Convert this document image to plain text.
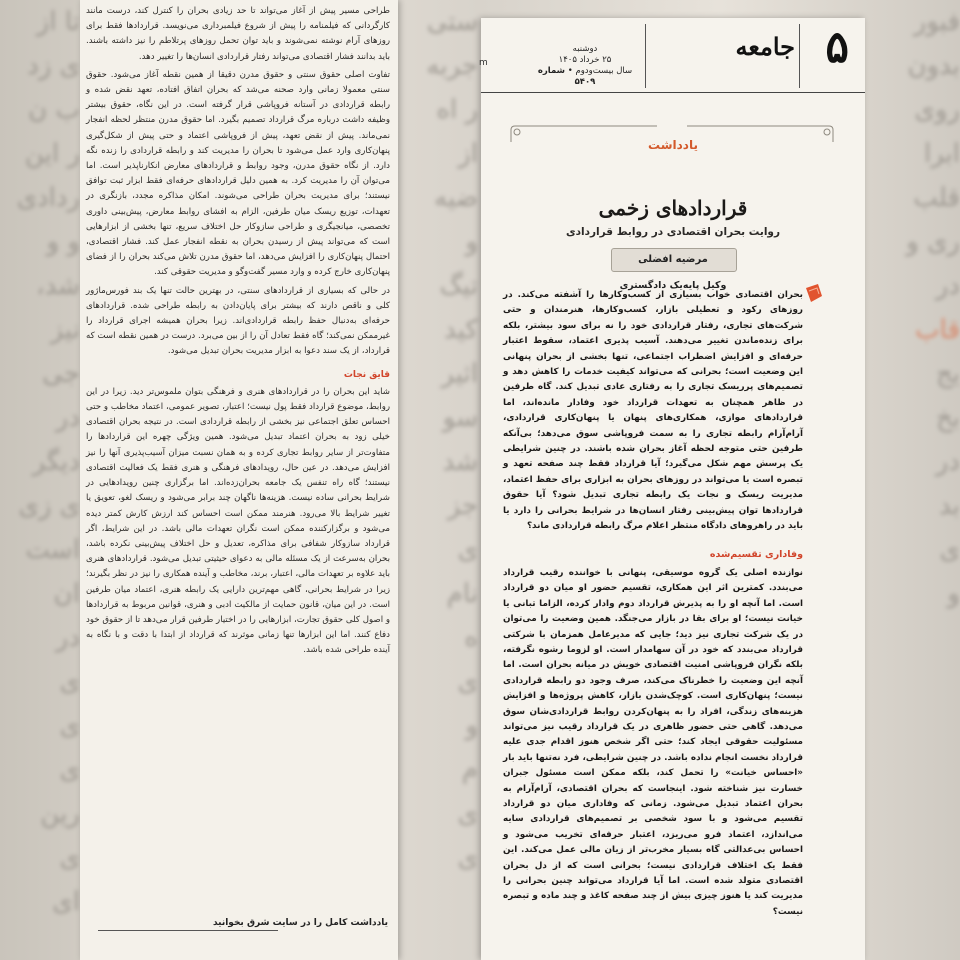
تا از
ی زد
ب ن
ر این
ردادی
و و
شد،
نیز
جی
در
دیگر
ی زی
است
ان
در
ی
ی
ی
رین
ی
ای
ستی
جربه
ر اه
از
ضیه
و
تیگ
کید
اثیر
سو
شد
جز
ی
نام
ه
ی
و
م
ی
ی
فبور
بدون
روی
ابرا
قلب
ری و
در
قاب
یج
بخ
در
بد
ی
و

طراحی مسیر پیش از آغاز می‌تواند تا حد زیادی بحران را کنترل کند، درست مانند کارگردانی که فیلمنامه را پیش از شروع فیلمبرداری می‌نویسد. قراردادها فقط برای روزهای آرام نوشته نمی‌شوند و باید توان تحمل روزهای پرتلاطم را نیز داشته باشند. باید بدانند فشار اقتصادی می‌تواند رفتار قراردادی انسان‌ها را تغییر دهد.

تفاوت اصلی حقوق سنتی و حقوق مدرن دقیقا از همین نقطه آغاز می‌شود. حقوق سنتی معمولا زمانی وارد صحنه می‌شد که بحران اتفاق افتاده، تعهد نقض شده و رابطه قراردادی در آستانه فروپاشی قرار گرفته است. در این نگاه، حقوق بیشتر وظیفه داشت درباره مرگ قرارداد تصمیم بگیرد. اما حقوق مدرن منتظر لحظه انفجار نمی‌ماند. پیش از نقض تعهد، پیش از فروپاشی اعتماد و حتی پیش از شکل‌گیری پنهان‌کاری وارد عمل می‌شود تا بحران را مدیریت کند و رابطه قراردادی را زنده نگه دارد. از نگاه حقوق مدرن، وجود روابط و قراردادهای معارض انکارناپذیر است. اما می‌توان آن را مدیریت کرد. به همین دلیل قراردادهای حرفه‌ای فقط ابزار ثبت توافق نیستند؛ برای مدیریت بحران طراحی می‌شوند. امکان مذاکره مجدد، بازنگری در تعهدات، توزیع ریسک میان طرفین، الزام به افشای روابط معارض، پیش‌بینی داوری تخصصی، میانجیگری و طراحی سازوکار حل اختلاف سریع، تنها بخشی از ابزارهایی است که می‌تواند پیش از رسیدن بحران به نقطه انفجار عمل کند. فشار اقتصادی، احتمال پنهان‌کاری را افزایش می‌دهد، اما حقوق مدرن تلاش می‌کند بحران را از فضای پنهان‌کاری خارج کرده و وارد مسیر گفت‌وگو و مدیریت حقوقی کند.

در حالی که بسیاری از قراردادهای سنتی، در بهترین حالت تنها یک بند فورس‌ماژور کلی و ناقص دارند که بیشتر برای پایان‌دادن به رابطه طراحی شده. قراردادهای حرفه‌ای به‌دنبال حفظ رابطه قراردادی‌اند. زیرا بحران همیشه اجرای قرارداد را غیرممکن نمی‌کند؛ گاه فقط تعادل آن را از بین می‌برد. درست در همین نقطه است که قرارداد، از یک سند دعوا به ابزار مدیریت بحران تبدیل می‌شود.

قایق نجات

شاید این بحران را در قراردادهای هنری و فرهنگی بتوان ملموس‌تر دید. زیرا در این روابط، موضوع قرارداد فقط پول نیست؛ اعتبار، تصویر عمومی، اعتماد مخاطب و حتی احساس تعلق اجتماعی نیز بخشی از رابطه قراردادی است. در نتیجه بحران اقتصادی خیلی زود به بحران اعتماد تبدیل می‌شود. همین ویژگی چهره این قراردادها را متفاوت‌تر از سایر روابط تجاری کرده و به همان نسبت میزان آسیب‌پذیری آنها را نیز افزایش می‌دهد. در عین حال، رویدادهای فرهنگی و هنری فقط یک فعالیت اقتصادی نیستند؛ گاه راه تنفس یک جامعه بحران‌زده‌اند. اما برگزاری چنین رویدادهایی در شرایط بحرانی ساده نیست. هزینه‌ها ناگهان چند برابر می‌شود و ریسک لغو، تعویق یا تغییر شرایط بالا می‌رود. هنرمند ممکن است احساس کند ارزش کارش کمتر دیده می‌شود و برگزارکننده ممکن است نگران تعهدات مالی باشد. در این شرایط، اگر قرارداد سازوکار شفافی برای مذاکره، تعدیل و حل اختلاف پیش‌بینی نکرده باشد، بحران به‌سرعت از یک مسئله مالی به دعوای حیثیتی تبدیل می‌شود. قراردادهای هنری باید علاوه بر تعهدات مالی، اعتبار، برند، مخاطب و آینده همکاری را نیز در نظر بگیرند؛ زیرا در شرایط بحرانی، گاهی مهم‌ترین دارایی یک رابطه هنری، اعتماد میان طرفین است. در این میان، قانون حمایت از مالکیت ادبی و هنری، قوانین مربوط به قراردادها و اصول کلی حقوق تجارت، ابزارهایی را در اختیار طرفین قرار می‌دهد تا از حقوق خود دفاع کنند. اما این ابزارها تنها زمانی موثرند که قرارداد از ابتدا با دقت و با نگاه به آینده طراحی شده باشد.

یادداشت کامل را در سایت شرق بخوانید
۵
جامعه
دوشنبه
۲۵ خرداد ۱۴۰۵
سال بیست‌ودوم • شماره ۵۴۰۹
m
یادداشت
قراردادهای زخمی
روایت بحران اقتصادی در روابط قراردادی
مرضیه افضلی
وکیل پایه‌یک دادگستری

بحران اقتصادی خواب بسیاری از کسب‌وکارها را آشفته می‌کند. در روزهای رکود و تعطیلی بازار، کسب‌وکارها، هنرمندان و حتی شرکت‌های تجاری، رفتار قراردادی خود را نه برای سود بیشتر، بلکه برای زنده‌ماندن تغییر می‌دهند. آسیب پذیری اعتماد، سقوط اعتبار حرفه‌ای و افزایش اضطراب اجتماعی، تنها بخشی از بحران پنهانی این وضعیت است؛ بحرانی که می‌تواند کیفیت خدمات را کاهش دهد و تصمیم‌های پرریسک تجاری را به رفتاری عادی تبدیل کند. گاه طرفین در ظاهر همچنان به تعهدات قرارداد خود وفادار مانده‌اند، اما قراردادهای موازی، همکاری‌های پنهان یا پنهان‌کاری قراردادی، آرام‌آرام رابطه تجاری را به سمت فروپاشی سوق می‌دهد؛ بی‌آنکه طرفین حتی متوجه لحظه آغاز بحران شده باشند. در چنین شرایطی یک پرسش مهم شکل می‌گیرد؛ آیا قرارداد فقط چند صفحه تعهد و تبصره است یا می‌تواند در روزهای بحران به ابزاری برای حفظ اعتماد، مدیریت ریسک و نجات یک رابطه تجاری تبدیل شود؟ آیا حقوق قراردادها توان پیش‌بینی رفتار انسان‌ها در شرایط بحرانی را دارد یا باید در راهروهای دادگاه منتظر اعلام مرگ رابطه قراردادی ماند؟

وفاداری تقسیم‌شده

نوازنده اصلی یک گروه موسیقی، پنهانی با خواننده رقیب قرارداد می‌بندد. کمترین اثر این همکاری، تقسیم حضور او میان دو قرارداد است. اما آنچه او را به پذیرش قرارداد دوم وادار کرده، الزاما تبانی یا خیانت نیست؛ او برای بقا در بازار می‌جنگد. همین وضعیت را می‌توان در یک شرکت تجاری نیز دید؛ جایی که مدیرعامل همزمان با شرکتی قرارداد می‌بندد که خود در آن سهامدار است. او لزوما رشوه نگرفته، بلکه نگران فروپاشی امنیت اقتصادی خویش در میانه بحران است. اما آنچه این وضعیت را خطرناک می‌کند، صرف وجود دو رابطه قراردادی نیست؛ پنهان‌کاری است. کوچک‌شدن بازار، کاهش پروژه‌ها و افزایش هزینه‌های زندگی، افراد را به پنهان‌کردن روابط قراردادی‌شان سوق می‌دهد. گاهی حتی حضور ظاهری در یک قرارداد رقیب نیز می‌تواند مسئولیت حقوقی ایجاد کند؛ حتی اگر شخص هنوز اقدام جدی علیه قرارداد نخست انجام نداده باشد. در چنین شرایطی، فرد نه‌تنها باید بار «احساس خیانت» را تحمل کند، بلکه ممکن است مسئول جبران خسارت نیز شناخته شود. اینجاست که بحران اقتصادی، آرام‌آرام به بحران اعتماد تبدیل می‌شود. زمانی که وفاداری میان دو قرارداد تقسیم می‌شود و با سود شخصی بر تصمیم‌های قراردادی سایه می‌اندازد، اعتماد فرو می‌ریزد، اعتبار حرفه‌ای تخریب می‌شود و احساس بی‌عدالتی گاه بسیار مخرب‌تر از زیان مالی عمل می‌کند. این فقط یک اختلاف قراردادی نیست؛ بحرانی است که از دل بحران اقتصادی متولد شده است. اما آیا قرارداد می‌تواند چنین بحرانی را مدیریت کند یا هنوز چیزی بیش از چند صفحه کاغذ و چند ماده و تبصره نیست؟
